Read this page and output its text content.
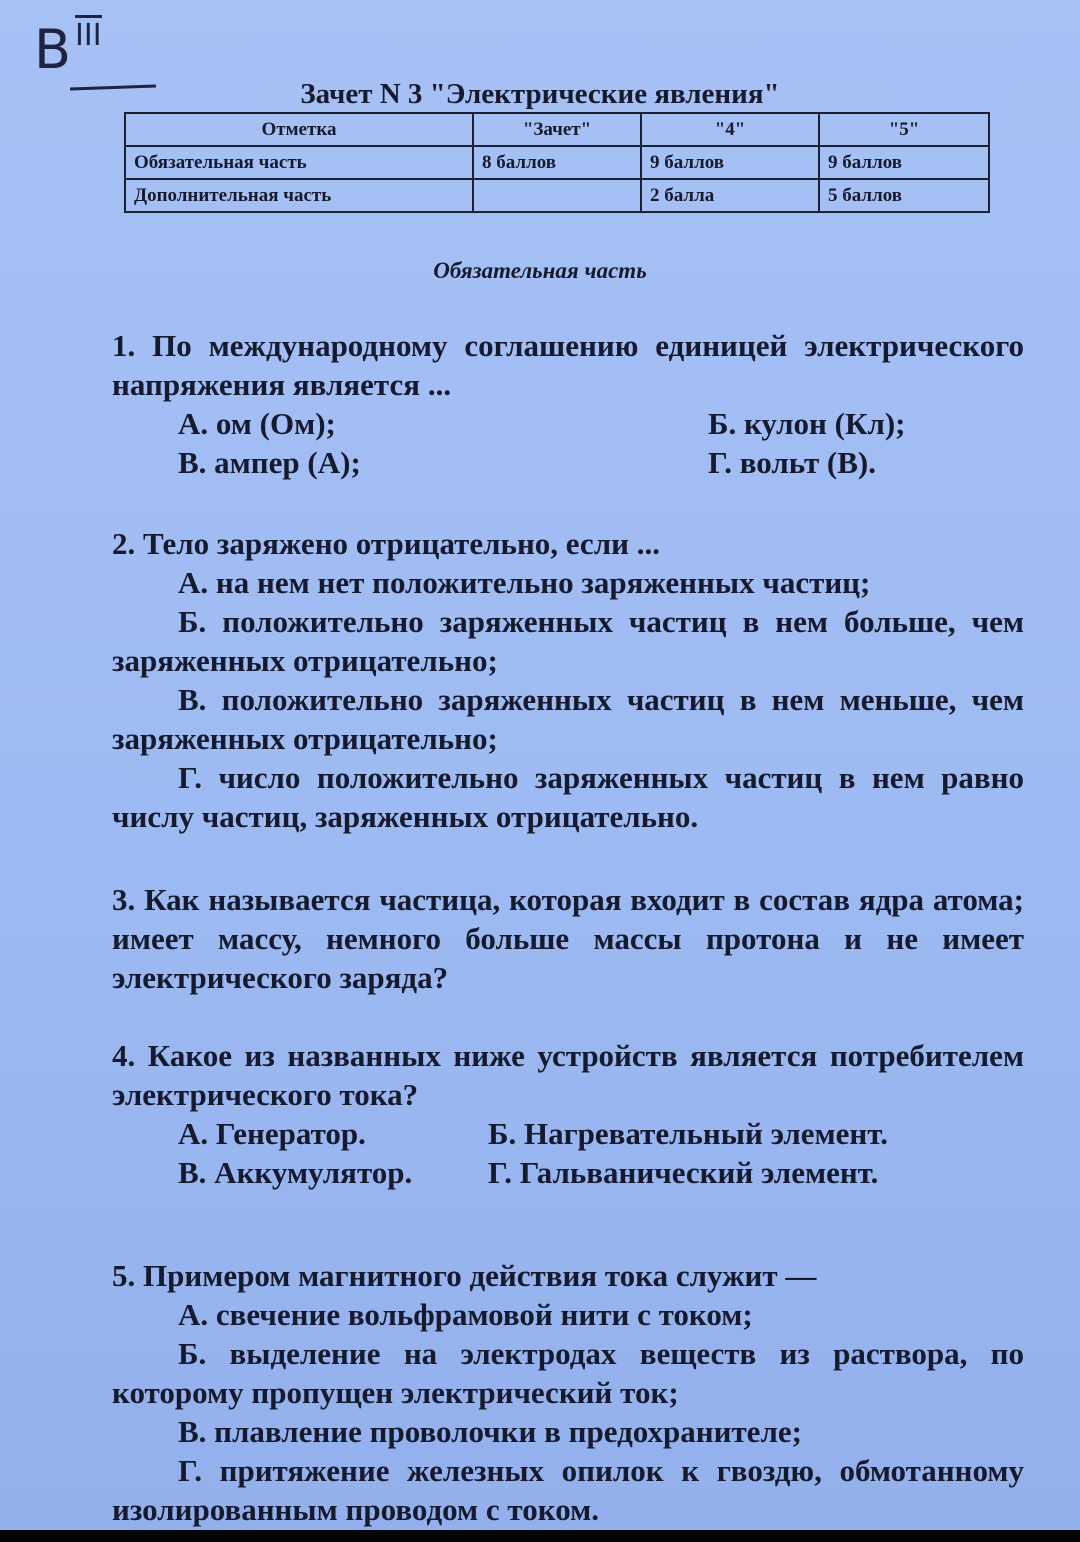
B $^{III}$
Зачет N 3 "Электрические явления"
Отметка	"Зачет"	"4"	"5"
Обязательная часть	8 баллов	9 баллов	9 баллов
Дополнительная часть		2 балла	5 баллов
Обязательная часть
1. По международному соглашению единицей электрического напряжения является ...
А. ом (Ом);	Б. кулон (Кл);
В. ампер (А);	Г. вольт (В).
2. Тело заряжено отрицательно, если ...
А. на нем нет положительно заряженных частиц;
Б. положительно заряженных частиц в нем больше, чем заряженных отрицательно;
В. положительно заряженных частиц в нем меньше, чем заряженных отрицательно;
Г. число положительно заряженных частиц в нем равно числу частиц, заряженных отрицательно.
3. Как называется частица, которая входит в состав ядра атома; имеет массу, немного больше массы протона и не имеет электрического заряда?
4. Какое из названных ниже устройств является потребителем электрического тока?
А. Генератор.	Б. Нагревательный элемент.
В. Аккумулятор.	Г. Гальванический элемент.
5. Примером магнитного действия тока служит —
А. свечение вольфрамовой нити с током;
Б. выделение на электродах веществ из раствора, по которому пропущен электрический ток;
В. плавление проволочки в предохранителе;
Г. притяжение железных опилок к гвоздю, обмотанному изолированным проводом с током.
